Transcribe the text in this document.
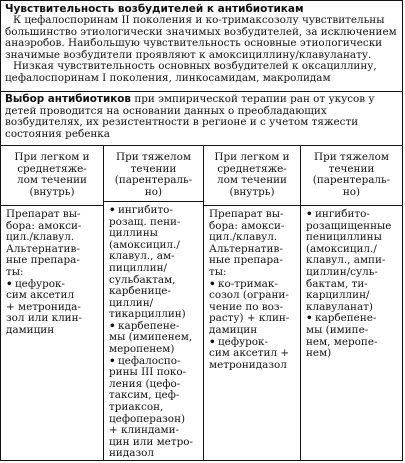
Чувствительность возбудителей к антибиотикам

К цефалоспоринам II поколения и ко-тримаксозолу чувствительны большинство этиологически значимых возбудителей, за исключением анаэробов. Наибольшую чувствительность основные этиологически значимые возбудители проявляют к амоксициллину/клавуланату.

Низкая чувствительность основных возбудителей к оксациллину, цефалоспоринам I поколения, линкосамидам, макролидам

Выбор антибиотиков при эмпирической терапии ран от укусов у детей проводится на основании данных о преобладающих возбудителях, их резистентности в регионе и с учетом тяжести состояния ребенка

При легком и
среднетяже-
лом течении
(внутрь)
Препарат вы-
бора: амокси-
цил./клавул.
Альтернатив-
ные препара-
ты:
• цефурок-
сим аксетил
+ метронида-
зол или клин-
дамицин
При тяжелом
течении
(парентераль-
но)
• ингибито-
розащ. пени-
циллины
(амоксицил./
клавул., ам-
пициллин/
сульбактам,
карбенице-
циллин/
тикарциллин)
• карбепене-
мы (имипенем,
меропенем)
• цефалоспо-
рины III поко-
ления (цефо-
таксим, цеф-
триаксон,
цефоперазон)
+ клиндами-
цин или метро-
нидазол
При легком и
среднетяже-
лом течении
(внутрь)
Препарат вы-
бора: амокси-
цил./клавул.
Альтернатив-
ные препара-
ты:
• ко-тримак-
созол (ограни-
чение по воз-
расту) + клин-
дамицин
• цефурок-
сим аксетил +
метронидазол
При тяжелом
течении
(парентераль-
но)
• ингибито-
розащищенные
пенициллины
(амоксицил./
клавул., ампи-
циллин/суль-
бактам, ти-
карциллин/
клавуланат)
• карбепене-
мы (имипе-
нем, меропе-
нем)
